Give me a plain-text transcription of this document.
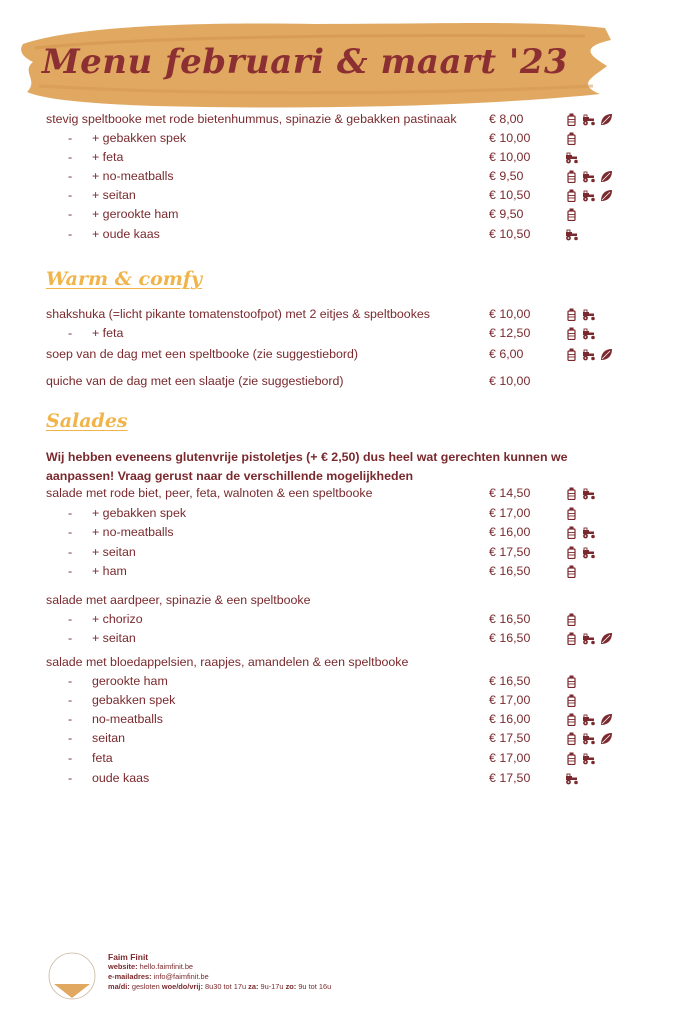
Menu februari & maart '23
stevig speltbooke met rode bietenhummus, spinazie & gebakken pastinaak	€ 8,00
- + gebakken spek	€ 10,00
- + feta	€ 10,00
- + no-meatballs	€ 9,50
- + seitan	€ 10,50
- + gerookte ham	€ 9,50
- + oude kaas	€ 10,50
Warm & comfy
shakshuka (=licht pikante tomatenstoofpot) met 2 eitjes & speltbookes	€ 10,00
- + feta	€ 12,50
soep van de dag met een speltbooke (zie suggestiebord)	€ 6,00
quiche van de dag met een slaatje (zie suggestiebord)	€ 10,00
Salades

Wij hebben eveneens glutenvrije pistoletjes (+ € 2,50) dus heel wat gerechten kunnen we aanpassen! Vraag gerust naar de verschillende mogelijkheden

salade met rode biet, peer, feta, walnoten & een speltbooke	€ 14,50
- + gebakken spek	€ 17,00
- + no-meatballs	€ 16,00
- + seitan	€ 17,50
- + ham	€ 16,50
salade met aardpeer, spinazie & een speltbooke
- + chorizo	€ 16,50
- + seitan	€ 16,50
salade met bloedappelsien, raapjes, amandelen & een speltbooke
- gerookte ham	€ 16,50
- gebakken spek	€ 17,00
- no-meatballs	€ 16,00
- seitan	€ 17,50
- feta	€ 17,00
- oude kaas	€ 17,50
Faim Finit
website: hello.faimfinit.be
e-mailadres: info@faimfinit.be
ma/di: gesloten woe/do/vrij: 8u30 tot 17u za: 9u-17u zo: 9u tot 16u
